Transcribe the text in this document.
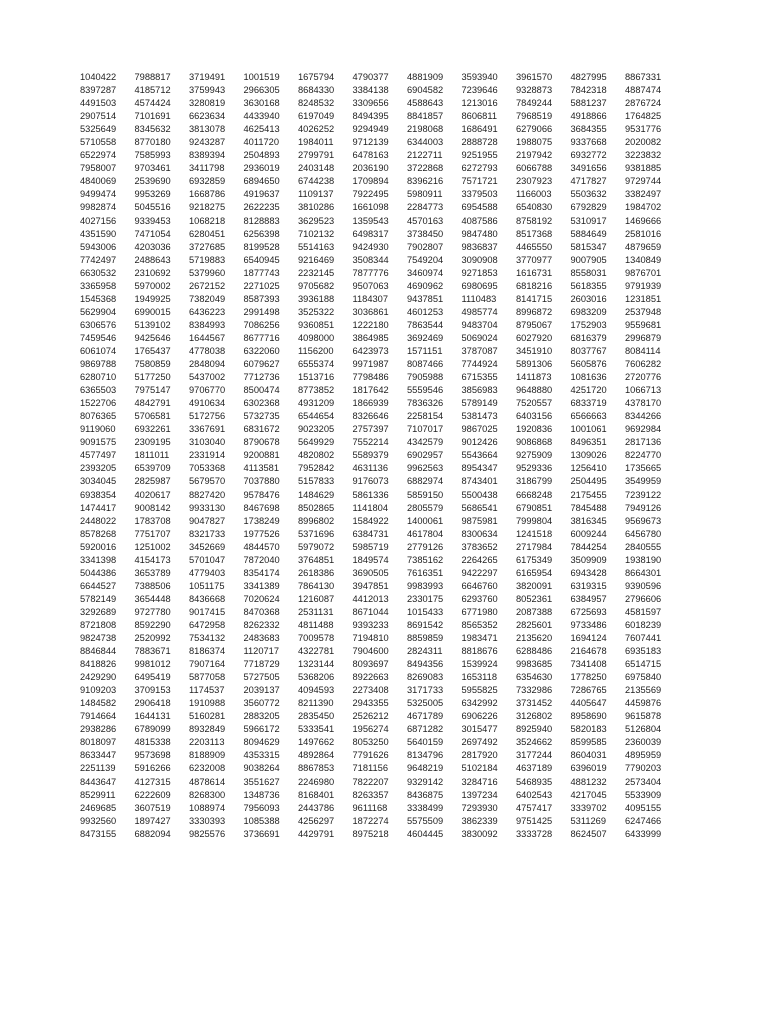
1040422 7988817 3719491 1001519 1675794 4790377 4881909 3593940 3961570 4827995 8867331
8397287 4185712 3759943 2966305 8684330 3384138 6904582 7239646 9328873 7842318 4887474
4491503 4574424 3280819 3630168 8248532 3309656 4588643 1213016 7849244 5881237 2876724
2907514 7101691 6623634 4433940 6197049 8494395 8841857 8606811 7968519 4918866 1764825
5325649 8345632 3813078 4625413 4026252 9294949 2198068 1686491 6279066 3684355 9531776
5710558 8770180 9243287 4011720 1984011 9712139 6344003 2888728 1988075 9337668 2020082
6522974 7585993 8389394 2504893 2799791 6478163 2122711 9251955 2197942 6932772 3223832
7958007 9703461 3411798 2936019 2403148 2036190 3722868 6272793 6066788 3491656 9381885
4840069 2539690 6932859 6894650 6744238 1709894 8396216 7571721 2307923 4717827 9729744
9499474 9953269 1668786 4919637 1109137 7922495 5980911 3379503 1166003 5503632 3382497
9982874 5045516 9218275 2622235 3810286 1661098 2284773 6954588 6540830 6792829 1984702
4027156 9339453 1068218 8128883 3629523 1359543 4570163 4087586 8758192 5310917 1469666
4351590 7471054 6280451 6256398 7102132 6498317 3738450 9847480 8517368 5884649 2581016
5943006 4203036 3727685 8199528 5514163 9424930 7902807 9836837 4465550 5815347 4879659
7742497 2488643 5719883 6540945 9216469 3508344 7549204 3090908 3770977 9007905 1340849
6630532 2310692 5379960 1877743 2232145 7877776 3460974 9271853 1616731 8558031 9876701
3365958 5970002 2672152 2271025 9705682 9507063 4690962 6980695 6818216 5618355 9791939
1545368 1949925 7382049 8587393 3936188 1184307 9437851 1110483 8141715 2603016 1231851
5629904 6990015 6436223 2991498 3525322 3036861 4601253 4985774 8996872 6983209 2537948
6306576 5139102 8384993 7086256 9360851 1222180 7863544 9483704 8795067 1752903 9559681
7459546 9425646 1644567 8677716 4098000 3864985 3692469 5069024 6027920 6816379 2996879
6061074 1765437 4778038 6322060 1156200 6423973 1571151 3787087 3451910 8037767 8084114
9869788 7580859 2848094 6079627 6555374 9971987 8087466 7744924 5891306 5605876 7606282
6280710 5177250 5437002 7712736 1513716 7798486 7905988 6715355 1411873 1081636 2720776
6365503 7975147 9706770 8500474 8773852 1817642 5559546 3856983 9648880 4251720 1066713
1522706 4842791 4910634 6302368 4931209 1866939 7836326 5789149 7520557 6833719 4378170
8076365 5706581 5172756 5732735 6544654 8326646 2258154 5381473 6403156 6566663 8344266
9119060 6932261 3367691 6831672 9023205 2757397 7107017 9867025 1920836 1001061 9692984
9091575 2309195 3103040 8790678 5649929 7552214 4342579 9012426 9086868 8496351 2817136
4577497 1811011 2331914 9200881 4820802 5589379 6902957 5543664 9275909 1309026 8224770
2393205 6539709 7053368 4113581 7952842 4631136 9962563 8954347 9529336 1256410 1735665
3034045 2825987 5679570 7037880 5157833 9176073 6882974 8743401 3186799 2504495 3549959
6938354 4020617 8827420 9578476 1484629 5861336 5859150 5500438 6668248 2175455 7239122
1474417 9008142 9933130 8467698 8502865 1141804 2805579 5686541 6790851 7845488 7949126
2448022 1783708 9047827 1738249 8996802 1584922 1400061 9875981 7999804 3816345 9569673
8578268 7751707 8321733 1977526 5371696 6384731 4617804 8300634 1241518 6009244 6456780
5920016 1251002 3452669 4844570 5979072 5985719 2779126 3783652 2717984 7844254 2840555
3341398 4154173 5701047 7872040 3764851 1849574 7385162 2264265 6175349 3509909 1938190
5044386 3653789 4779403 8354174 2618386 3690505 7616351 9422297 6165954 6943428 8664301
6644527 7388506 1051175 3341389 7864130 3947851 9983993 6646760 3820091 6319315 9390596
5782149 3654448 8436668 7020624 1216087 4412013 2330175 6293760 8052361 6384957 2796606
3292689 9727780 9017415 8470368 2531131 8671044 1015433 6771980 2087388 6725693 4581597
8721808 8592290 6472958 8262332 4811488 9393233 8691542 8565352 2825601 9733486 6018239
9824738 2520992 7534132 2483683 7009578 7194810 8859859 1983471 2135620 1694124 7607441
8846844 7883671 8186374 1120717 4322781 7904600 2824311 8818676 6288486 2164678 6935183
8418826 9981012 7907164 7718729 1323144 8093697 8494356 1539924 9983685 7341408 6514715
2429290 6495419 5877058 5727505 5368206 8922663 8269083 1653118 6354630 1778250 6975840
9109203 3709153 1174537 2039137 4094593 2273408 3171733 5955825 7332986 7286765 2135569
1484582 2906418 1910988 3560772 8211390 2943355 5325005 6342992 3731452 4405647 4459876
7914664 1644131 5160281 2883205 2835450 2526212 4671789 6906226 3126802 8958690 9615878
2938286 6789099 8932849 5966172 5333541 1956274 6871282 3015477 8925940 5820183 5126804
8018097 4815338 2203113 8094629 1497662 8053250 5640159 2697492 3524662 8599585 2360039
8633447 9573698 8188909 4353315 4892864 7791626 8134796 2817920 3177244 8604031 4895959
2251139 5916266 6232008 9038264 8867853 7181156 9648219 5102184 4637189 6396019 7790203
8443647 4127315 4878614 3551627 2246980 7822207 9329142 3284716 5468935 4881232 2573404
8529911 6222609 8268300 1348736 8168401 8263357 8436875 1397234 6402543 4217045 5533909
2469685 3607519 1088974 7956093 2443786 9611168 3338499 7293930 4757417 3339702 4095155
9932560 1897427 3330393 1085388 4256297 1872274 5575509 3862339 9751425 5311269 6247466
8473155 6882094 9825576 3736691 4429791 8975218 4604445 3830092 3333728 8624507 6433999
